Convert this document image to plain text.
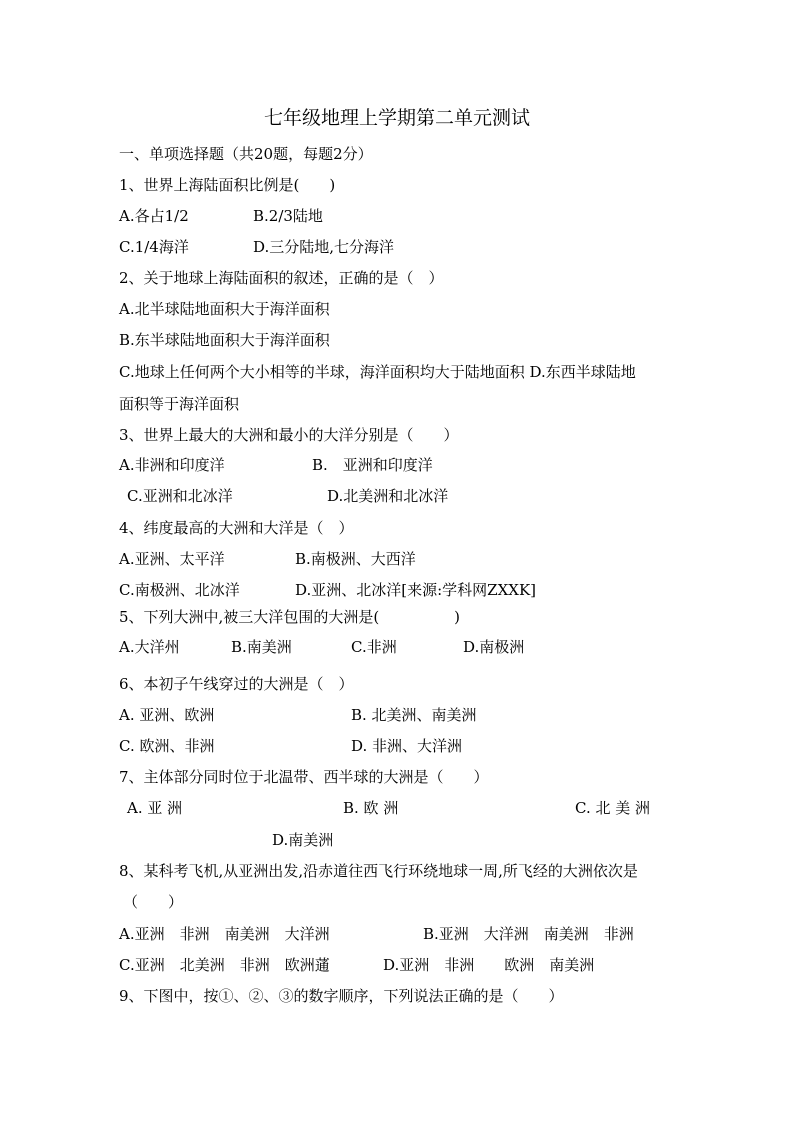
七年级地理上学期第二单元测试
一、单项选择题（共20题，每题2分）
1、世界上海陆面积比例是(　　)
A.各占1/2	B.2/3陆地
C.1/4海洋	D.三分陆地,七分海洋
2、关于地球上海陆面积的叙述，正确的是（　）
A.北半球陆地面积大于海洋面积
B.东半球陆地面积大于海洋面积
C.地球上任何两个大小相等的半球，海洋面积均大于陆地面积 D.东西半球陆地
面积等于海洋面积
3、世界上最大的大洲和最小的大洋分别是（　　）
A.非洲和印度洋	B.　亚洲和印度洋
C.亚洲和北冰洋	D.北美洲和北冰洋
4、纬度最高的大洲和大洋是（　）
A.亚洲、太平洋	B.南极洲、大西洋
C.南极洲、北冰洋	D.亚洲、北冰洋[来源:学科网ZXXK]
5、下列大洲中,被三大洋包围的大洲是(　　　　　)
A.大洋州	B.南美洲	C.非洲	D.南极洲
6、本初子午线穿过的大洲是（　）
A. 亚洲、欧洲	B. 北美洲、南美洲
C. 欧洲、非洲	D. 非洲、大洋洲
7、主体部分同时位于北温带、西半球的大洲是（　　）
A. 亚 洲	B. 欧 洲	C. 北 美 洲
D.南美洲
8、某科考飞机,从亚洲出发,沿赤道往西飞行环绕地球一周,所飞经的大洲依次是
（　　）
A.亚洲　非洲　南美洲　大洋洲	B.亚洲　大洋洲　南美洲　非洲
C.亚洲　北美洲　非洲　欧洲蓪	D.亚洲　非洲　　欧洲　南美洲
9、下图中，按①、②、③的数字顺序，下列说法正确的是（　　）
